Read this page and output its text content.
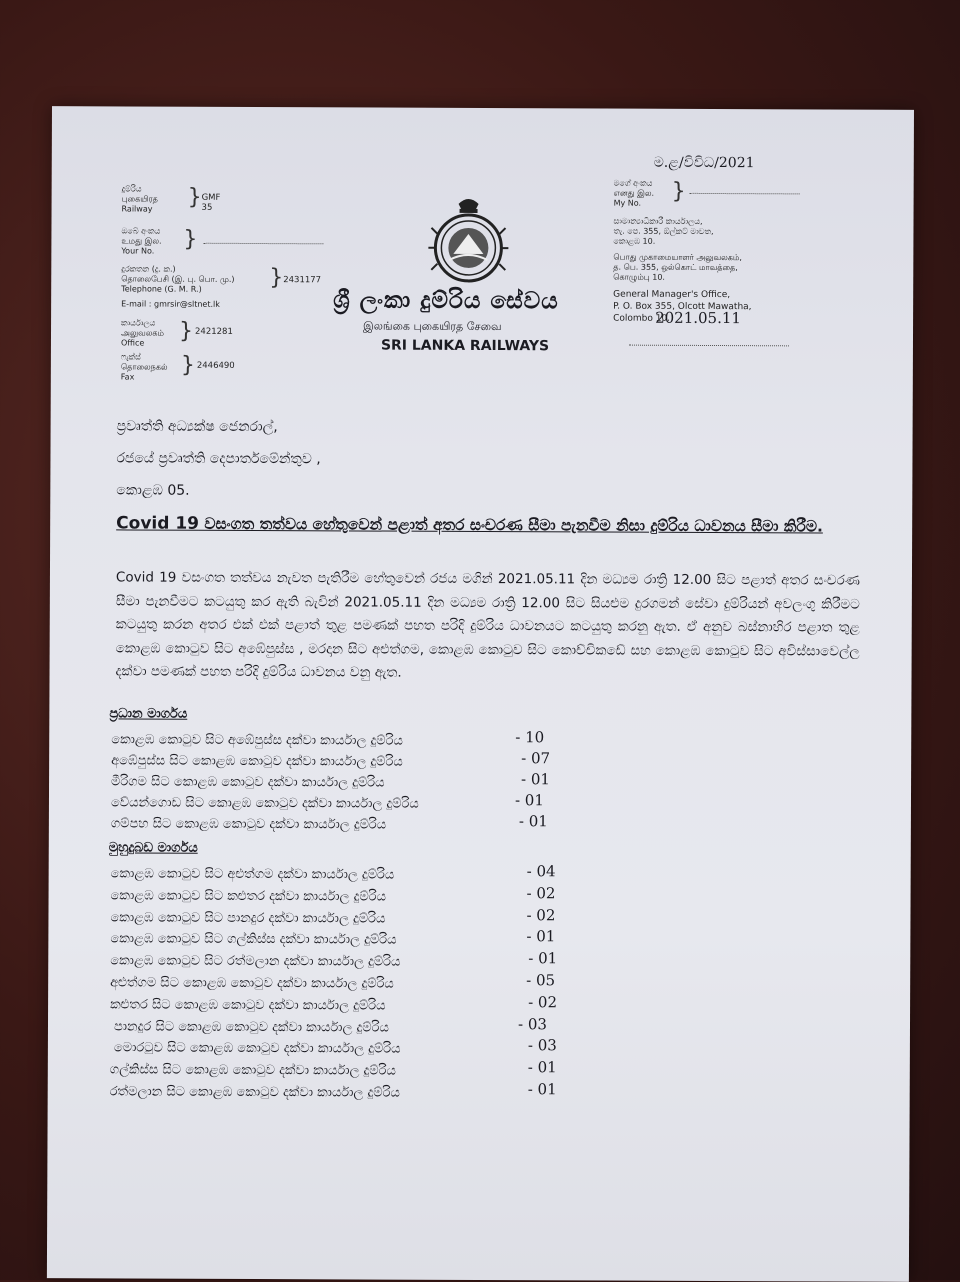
දුම්රිය
புகையிரத
Railway } GMF 35
ඔබේ අංකය
உமது இல.
Your No.	}
දුරකතන (දු. ක.)
தொலைபேசி (இ. பு. பொ. மு.)
Telephone (G. M. R.)	} 2431177
E-mail : gmrsir@sltnet.lk
කාර්යාලය
அலுவலகம்
Office	} 2421281
ෆැක්ස්
தொலைநகல்
Fax	} 2446490
ශ්‍රී ලංකා දුම්රිය සේවය
இலங்கை புகையிரத சேவை
SRI LANKA RAILWAYS
ම.ළ/විවිධ/2021
මගේ අංකය
எனது இல.
My No.	}
සාමාන්‍යාධිකාරී කාර්යාලය,
තැ. පෙ. 355, ඕල්කට් මාවත,
කොළඹ 10.
பொது முகாமையாளர் அலுவலகம்,
த. பெ. 355, ஒல்கொட் மாவத்தை,
கொழும்பு 10.
General Manager's Office,
P. O. Box 355, Olcott Mawatha,
Colombo 10.
2021.05.11
ප්‍රවෘත්ති අධ්‍යක්ෂ ජෙනරාල්,
රජයේ ප්‍රවෘත්ති දෙපාර්තමේන්තුව ,
කොළඹ 05.
Covid 19 වසංගත තත්වය හේතුවෙන් පළාත් අතර සංචරණ සීමා පැනවීම නිසා දුම්රිය ධාවනය සීමා කිරීම.
Covid 19 වසංගත තත්වය නැවත පැතිරීම හේතුවෙන් රජය මගින් 2021.05.11 දින මධ්‍යම රාත්‍රි 12.00 සිට පළාත් අතර සංචරණ සීමා පැනවීමට කටයුතු කර ඇති බැවින් 2021.05.11 දින මධ්‍යම රාත්‍රි 12.00 සිට සියළුම දුරගමන් සේවා දුම්රියන් අවලංගු කිරීමට කටයුතු කරන අතර එක් එක් පළාත් තුළ පමණක් පහත පරිදි දුම්රිය ධාවනයට කටයුතු කරනු ඇත. ඒ අනුව බස්නාහිර පළාත තුළ කොළඹ කොටුව සිට අඹේපුස්ස , මරදාන සිට අළුත්ගම, කොළඹ කොටුව සිට කොච්චිකඩේ සහ කොළඹ කොටුව සිට අවිස්සාවෙල්ල දක්වා පමණක් පහත පරිදි දුම්රිය ධාවනය වනු ඇත.
ප්‍රධාන මාර්ගය
කොළඹ කොටුව සිට අඹේපුස්ස දක්වා කාර්යාල දුම්රිය	- 10
අඹේපුස්ස සිට කොළඹ කොටුව දක්වා කාර්යාල දුම්රිය	- 07
මීරිගම සිට කොළඹ කොටුව දක්වා කාර්යාල දුම්රිය	- 01
වේයන්ගොඩ සිට කොළඹ කොටුව දක්වා කාර්යාල දුම්රිය	- 01
ගම්පහ සිට කොළඹ කොටුව දක්වා කාර්යාල දුම්රිය	- 01
මුහුදුබඩ මාර්ගය
කොළඹ කොටුව සිට අළුත්ගම දක්වා කාර්යාල දුම්රිය	- 04
කොළඹ කොටුව සිට කළුතර දක්වා කාර්යාල දුම්රිය	- 02
කොළඹ කොටුව සිට පානදුර දක්වා කාර්යාල දුම්රිය	- 02
කොළඹ කොටුව සිට ගල්කිස්ස දක්වා කාර්යාල දුම්රිය	- 01
කොළඹ කොටුව සිට රත්මලාන දක්වා කාර්යාල දුම්රිය	- 01
අළුත්ගම සිට කොළඹ කොටුව දක්වා කාර්යාල දුම්රිය	- 05
කළුතර සිට කොළඹ කොටුව දක්වා කාර්යාල දුම්රිය	- 02
පානදුර සිට කොළඹ කොටුව දක්වා කාර්යාල දුම්රිය	- 03
මොරටුව සිට කොළඹ කොටුව දක්වා කාර්යාල දුම්රිය	- 03
ගල්කිස්ස සිට කොළඹ කොටුව දක්වා කාර්යාල දුම්රිය	- 01
රත්මලාන සිට කොළඹ කොටුව දක්වා කාර්යාල දුම්රිය	- 01
